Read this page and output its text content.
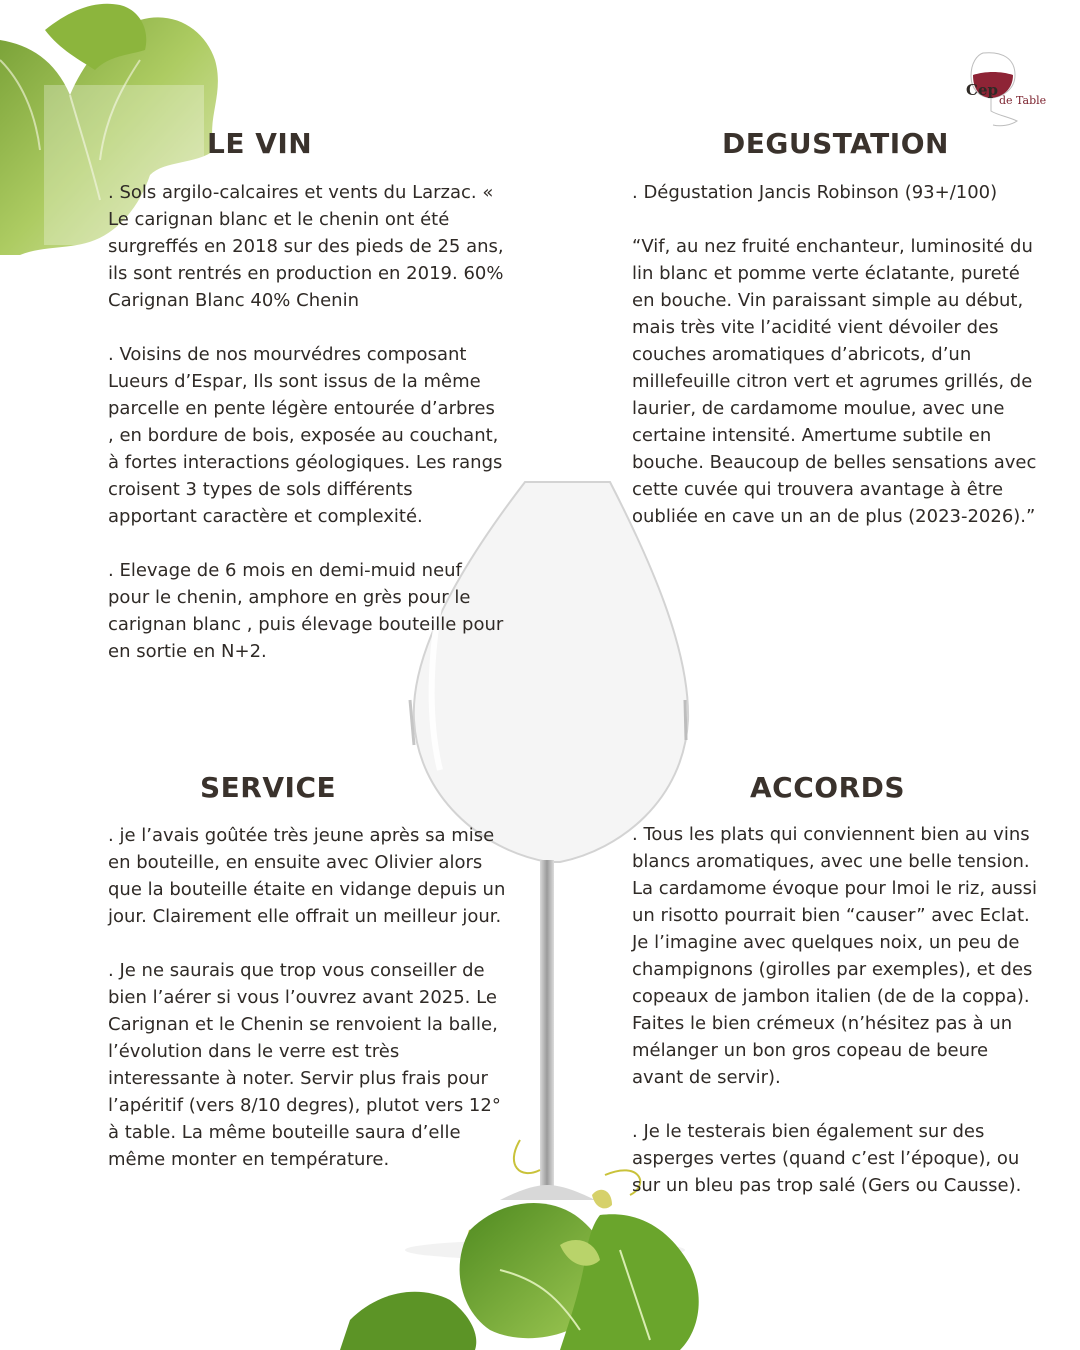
Cep
de Table
LE VIN

. Sols argilo-calcaires et vents du Larzac. « Le carignan blanc et le chenin ont été surgreffés en 2018 sur des pieds de 25 ans, ils sont rentrés en production en 2019. 60% Carignan Blanc 40% Chenin

. Voisins de nos mourvédres composant Lueurs d’Espar, Ils sont issus de la même parcelle en pente légère entourée d’arbres , en bordure de bois, exposée au couchant, à fortes interactions géologiques. Les rangs croisent 3 types de sols différents apportant caractère et complexité.

. Elevage de 6 mois en demi-muid neuf pour le chenin, amphore en grès pour le carignan blanc , puis élevage bouteille pour en sortie en N+2.

DEGUSTATION

. Dégustation Jancis Robinson (93+/100)

“Vif, au nez fruité enchanteur, luminosité du lin blanc et pomme verte éclatante, pureté en bouche. Vin paraissant simple au début, mais très vite l’acidité vient dévoiler des couches aromatiques d’abricots, d’un millefeuille citron vert et agrumes grillés, de laurier, de cardamome moulue, avec une certaine intensité. Amertume subtile en bouche. Beaucoup de belles sensations avec cette cuvée qui trouvera avantage à être oubliée en cave un an de plus (2023-2026).”

SERVICE

. je l’avais goûtée très jeune après sa mise en bouteille, en ensuite avec Olivier alors que la bouteille étaite en vidange depuis un jour. Clairement elle offrait un meilleur jour.

. Je ne saurais que trop vous conseiller de bien l’aérer si vous l’ouvrez avant 2025. Le Carignan et le Chenin se renvoient la balle, l’évolution dans le verre est très interessante à noter. Servir plus frais pour l’apéritif (vers 8/10 degres), plutot vers 12° à table. La même bouteille saura d’elle même monter en température.

ACCORDS

. Tous les plats qui conviennent bien au vins blancs aromatiques, avec une belle tension. La cardamome évoque pour lmoi le riz, aussi un risotto pourrait bien “causer” avec Eclat. Je l’imagine avec quelques noix, un peu de champignons (girolles par exemples), et des copeaux de jambon italien (de de la coppa). Faites le bien crémeux (n’hésitez pas à un mélanger un bon gros copeau de beure avant de servir).

. Je le testerais bien également sur des asperges vertes (quand c’est l’époque), ou sur un bleu pas trop salé (Gers ou Causse).
